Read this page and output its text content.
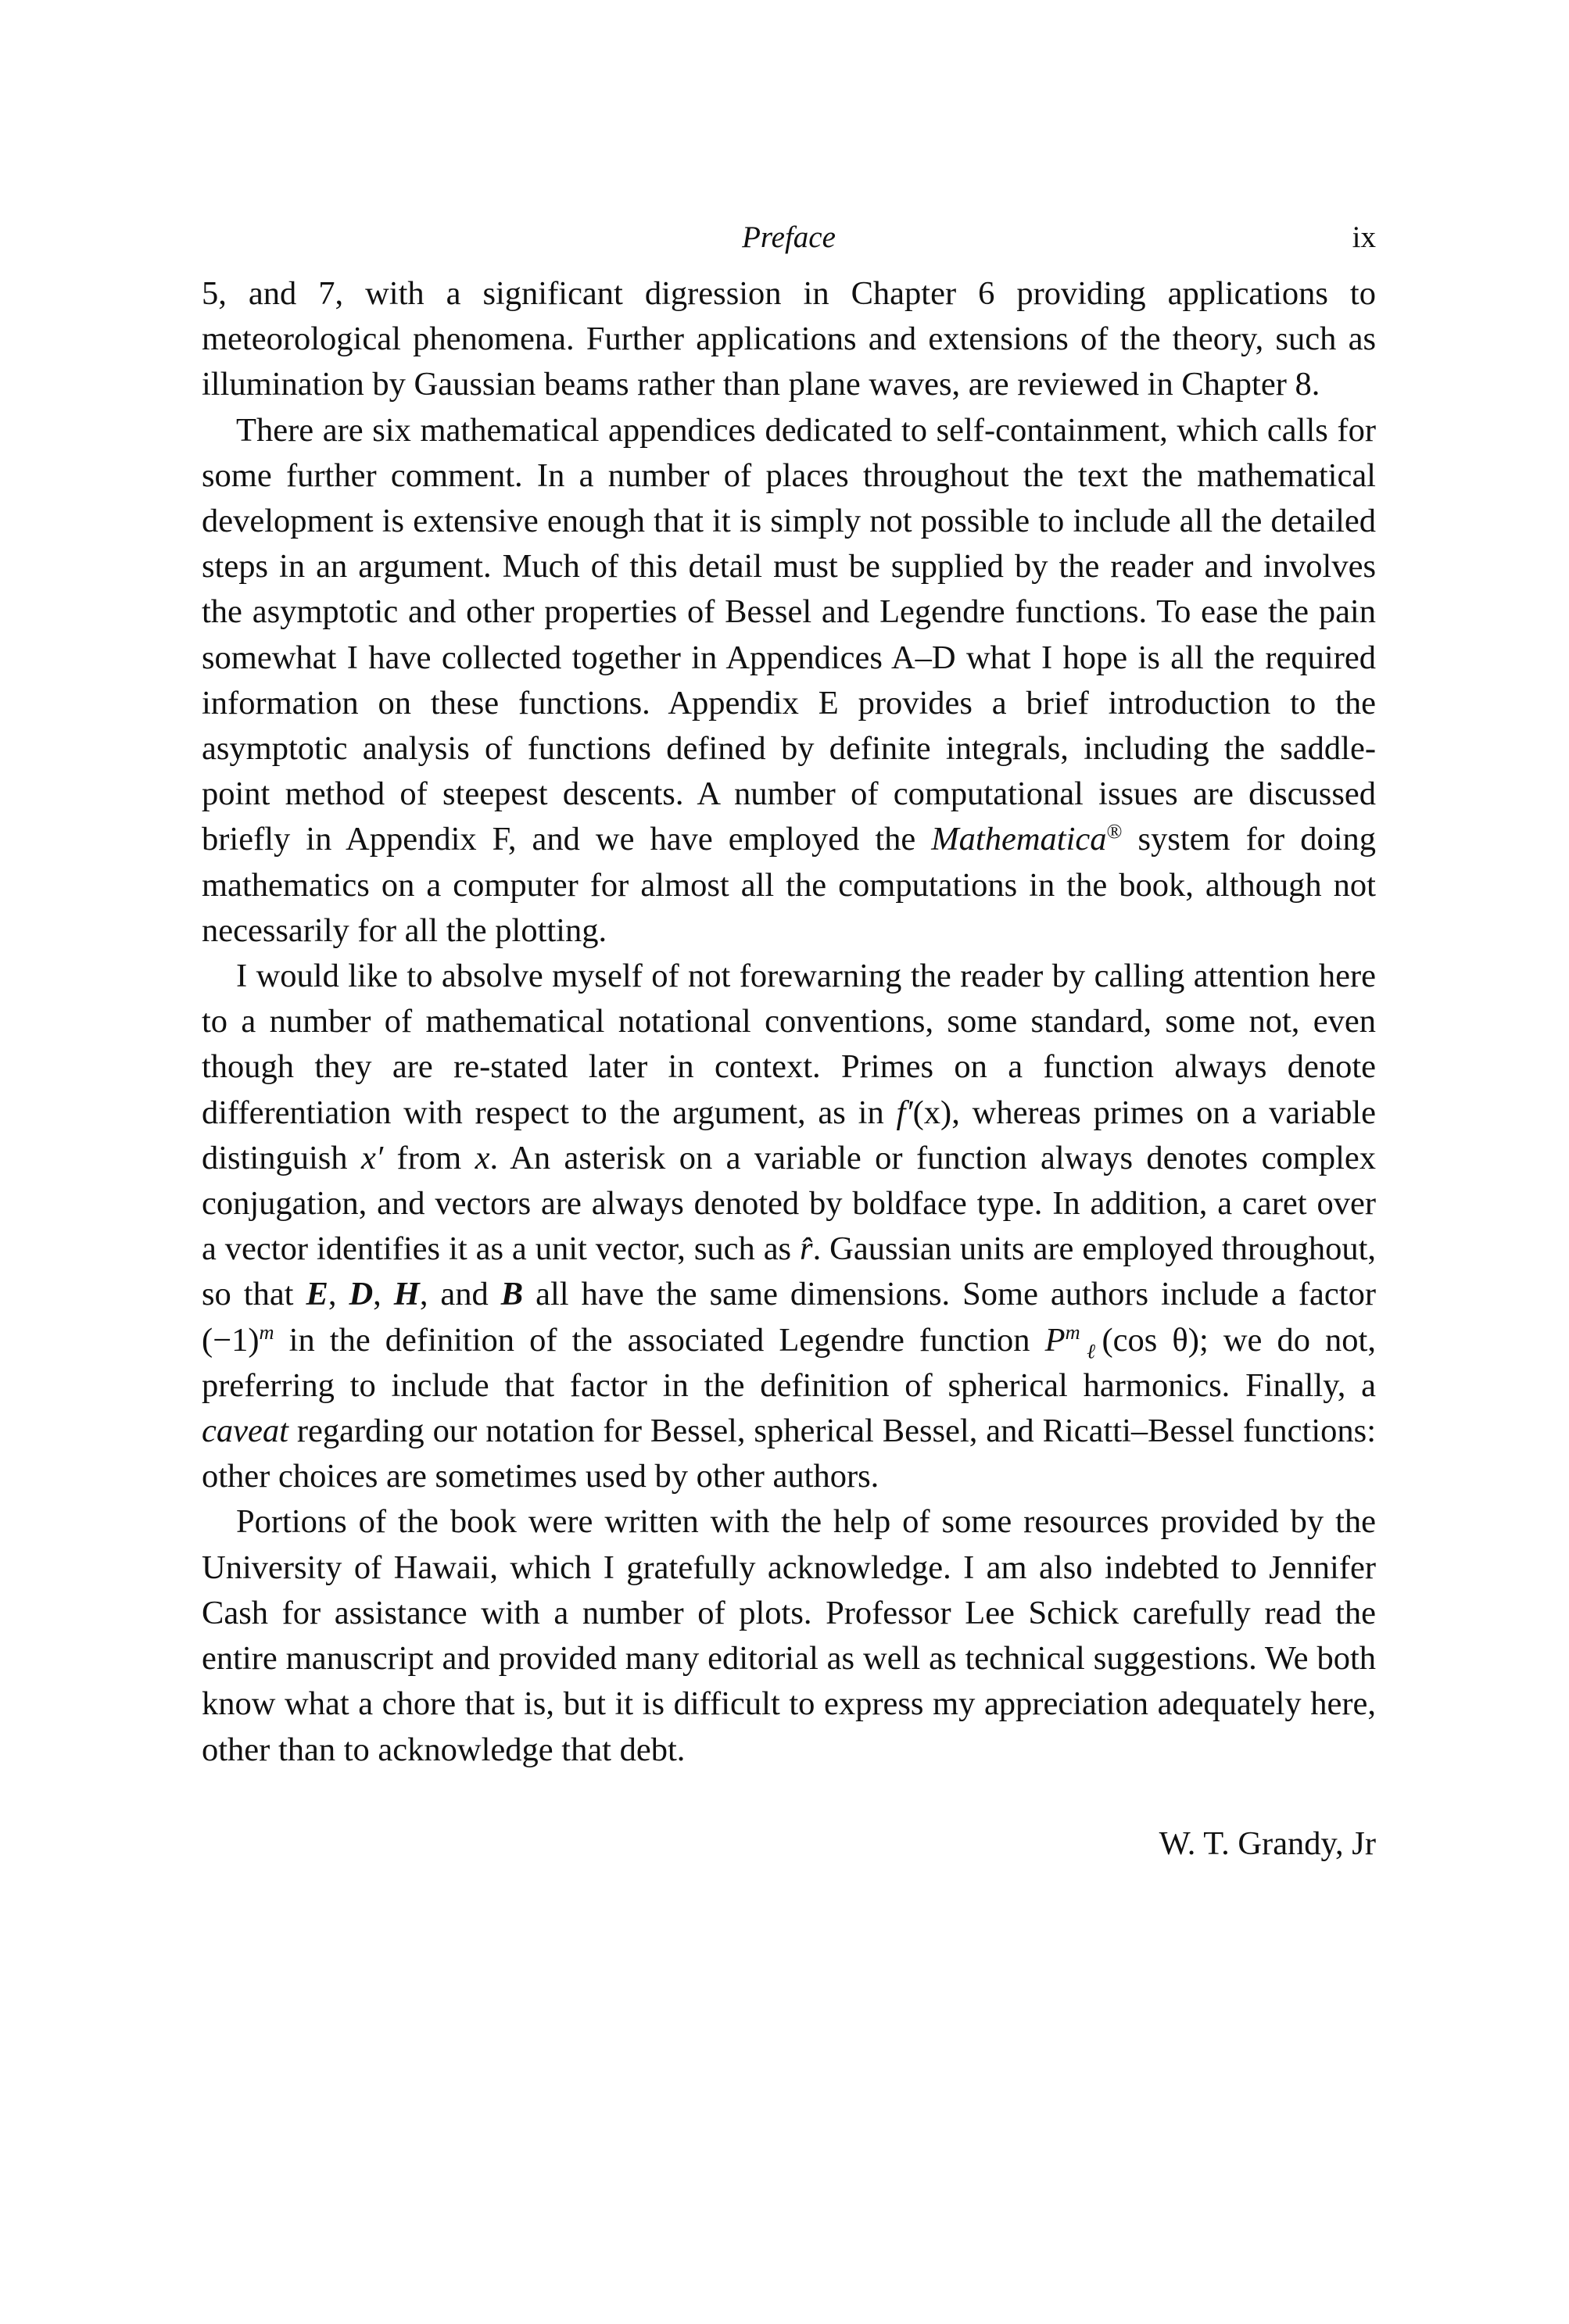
Preface	ix

5, and 7, with a significant digression in Chapter 6 providing applications to meteorological phenomena. Further applications and extensions of the theory, such as illumination by Gaussian beams rather than plane waves, are reviewed in Chapter 8.

There are six mathematical appendices dedicated to self-containment, which calls for some further comment. In a number of places throughout the text the mathematical development is extensive enough that it is simply not possible to include all the detailed steps in an argument. Much of this detail must be supplied by the reader and involves the asymptotic and other properties of Bessel and Legendre functions. To ease the pain somewhat I have collected together in Appendices A–D what I hope is all the required information on these functions. Appendix E provides a brief introduction to the asymptotic analysis of functions defined by definite integrals, including the saddle-point method of steepest descents. A number of computational issues are discussed briefly in Appendix F, and we have employed the Mathematica® system for doing mathematics on a computer for almost all the computations in the book, although not necessarily for all the plotting.

I would like to absolve myself of not forewarning the reader by calling attention here to a number of mathematical notational conventions, some standard, some not, even though they are re-stated later in context. Primes on a function always denote differentiation with respect to the argument, as in f′(x), whereas primes on a variable distinguish x′ from x. An asterisk on a variable or function always denotes complex conjugation, and vectors are always denoted by boldface type. In addition, a caret over a vector identifies it as a unit vector, such as r̂. Gaussian units are employed throughout, so that E, D, H, and B all have the same dimensions. Some authors include a factor $(-1)^m$ in the definition of the associated Legendre function $P^m_\ell(\cos$ θ); we do not, preferring to include that factor in the definition of spherical harmonics. Finally, a caveat regarding our notation for Bessel, spherical Bessel, and Ricatti–Bessel functions: other choices are sometimes used by other authors.

Portions of the book were written with the help of some resources provided by the University of Hawaii, which I gratefully acknowledge. I am also indebted to Jennifer Cash for assistance with a number of plots. Professor Lee Schick carefully read the entire manuscript and provided many editorial as well as technical suggestions. We both know what a chore that is, but it is difficult to express my appreciation adequately here, other than to acknowledge that debt.

W. T. Grandy, Jr
